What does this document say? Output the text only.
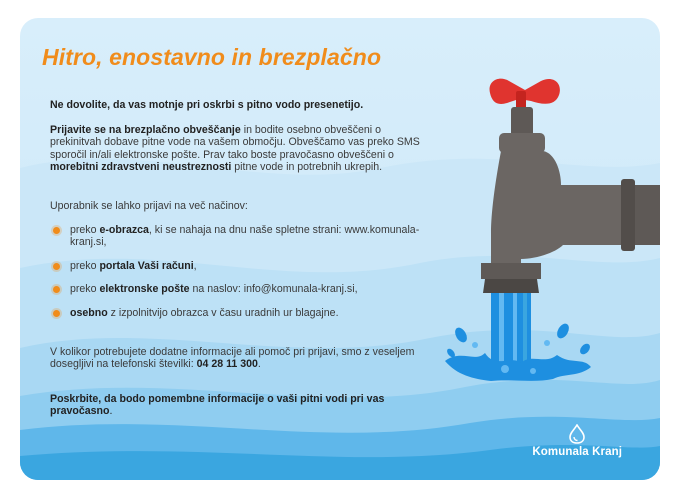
Hitro, enostavno in brezplačno
Ne dovolite, da vas motnje pri oskrbi s pitno vodo presenetijo.
Prijavite se na brezplačno obveščanje in bodite osebno obveščeni o prekinitvah dobave pitne vode na vašem območju. Obveščamo vas preko SMS sporočil in/ali elektronske pošte. Prav tako boste pravočasno obveščeni o morebitni zdravstveni neustreznosti pitne vode in potrebnih ukrepih.
Uporabnik se lahko prijavi na več načinov:
preko e-obrazca, ki se nahaja na dnu naše spletne strani: www.komunala-kranj.si,
preko portala Vaši računi,
preko elektronske pošte na naslov: info@komunala-kranj.si,
osebno z izpolnitvijo obrazca v času uradnih ur blagajne.
V kolikor potrebujete dodatne informacije ali pomoč pri prijavi, smo z veseljem dosegljivi na telefonski številki: 04 28 11 300.
Poskrbite, da bodo pomembne informacije o vaši pitni vodi pri vas pravočasno.
Komunala Kranj
